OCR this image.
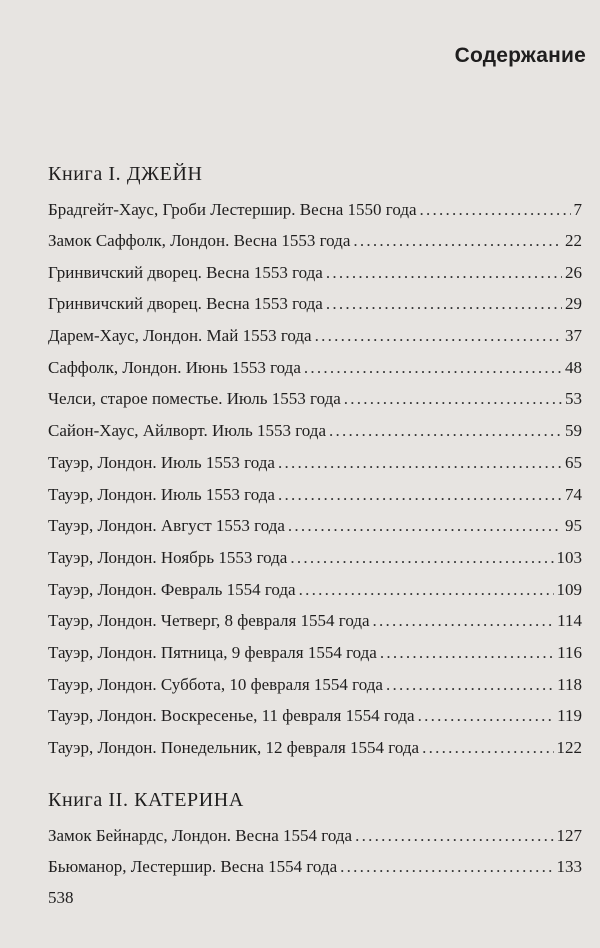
Содержание
Книга I. ДЖЕЙН
Брадгейт-Хаус, Гроби Лестершир. Весна 1550 года . . .	7
Замок Саффолк, Лондон. Весна 1553 года . . .	22
Гринвичский дворец. Весна 1553 года . . .	26
Гринвичский дворец. Весна 1553 года . . .	29
Дарем-Хаус, Лондон. Май 1553 года . . .	37
Саффолк, Лондон. Июнь 1553 года . . .	48
Челси, старое поместье. Июль 1553 года . . .	53
Сайон-Хаус, Айлворт. Июль 1553 года . . .	59
Тауэр, Лондон. Июль 1553 года . . .	65
Тауэр, Лондон. Июль 1553 года . . .	74
Тауэр, Лондон. Август 1553 года . . .	95
Тауэр, Лондон. Ноябрь 1553 года . . .	103
Тауэр, Лондон. Февраль 1554 года . . .	109
Тауэр, Лондон. Четверг, 8 февраля 1554 года . . .	114
Тауэр, Лондон. Пятница, 9 февраля 1554 года . . .	116
Тауэр, Лондон. Суббота, 10 февраля 1554 года . . .	118
Тауэр, Лондон. Воскресенье, 11 февраля 1554 года . . .	119
Тауэр, Лондон. Понедельник, 12 февраля 1554 года . . .	122
Книга II. КАТЕРИНА
Замок Бейнардс, Лондон. Весна 1554 года . . .	127
Бьюманор, Лестершир. Весна 1554 года . . .	133
538
